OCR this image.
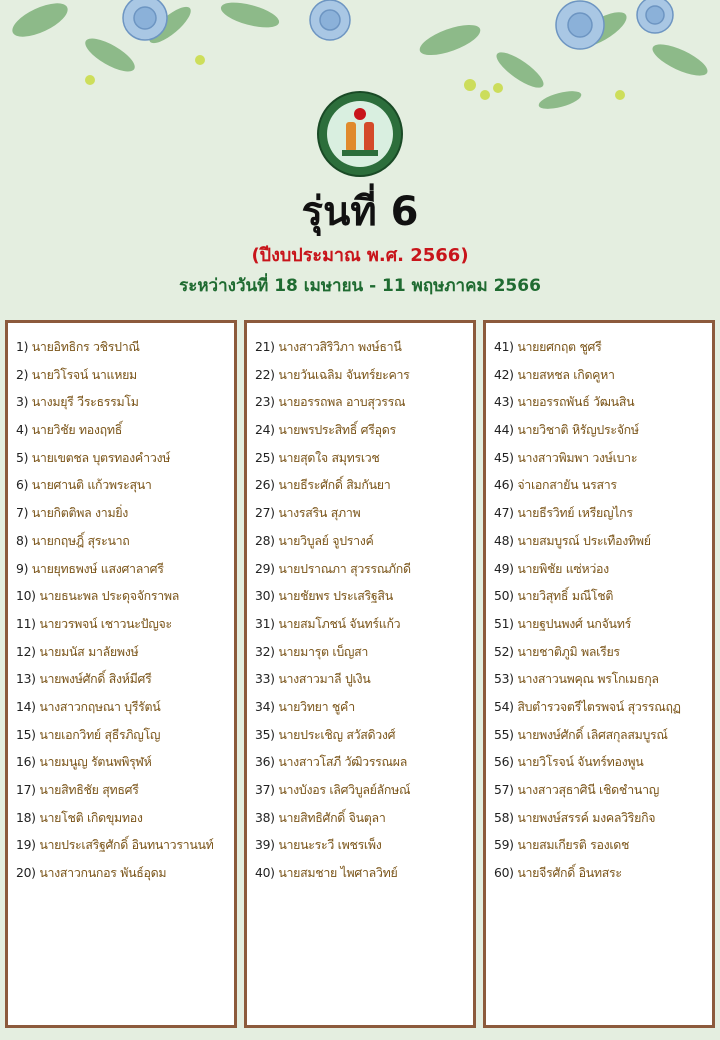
รุ่นที่ 6
(ปีงบประมาณ พ.ศ. 2566)
ระหว่างวันที่ 18 เมษายน - 11 พฤษภาคม 2566
1) นายอิทธิกร วชิรปาณี
2) นายวิโรจน์ นาแหยม
3) นางมยุรี วีระธรรมโม
4) นายวิชัย ทองฤทธิ์
5) นายเขตชล บุตรทองคำวงษ์
6) นายศานติ แก้วพระสุนา
7) นายกิตติพล งามยิ่ง
8) นายกฤษฎิ์ สุระนาถ
9) นายยุทธพงษ์ แสงศาลาศรี
10) นายธนะพล ประดุจจักราพล
11) นายวรพจน์ เชาวนะปัญจะ
12) นายมนัส มาลัยพงษ์
13) นายพงษ์ศักดิ์ สิงห์มีศรี
14) นางสาวกฤษณา บุรีรัตน์
15) นายเอกวิทย์ สุธีรภิญโญ
16) นายมนูญ รัตนพพิรุฬห์
17) นายสิทธิชัย สุทธศรี
18) นายโชติ เกิดขุมทอง
19) นายประเสริฐศักดิ์ อินทนาวรานนท์
20) นางสาวกนกอร พันธ์อุดม
21) นางสาวสิริวิภา พงษ์ธานี
22) นายวันเฉลิม จันทร์ยะคาร
23) นายอรรถพล อาบสุวรรณ
24) นายพรประสิทธิ์ ศรีอุดร
25) นายสุดใจ สมุทรเวช
26) นายธีระศักดิ์ สิมกันยา
27) นางรสริน สุภาพ
28) นายวิบูลย์ จูปรางค์
29) นายปราณภา สุวรรณภักดี
30) นายชัยพร ประเสริฐสิน
31) นายสมโภชน์ จันทร์แก้ว
32) นายมารุต เบ็ญสา
33) นางสาวมาลี ปูเงิน
34) นายวิทยา ชูคำ
35) นายประเชิญ สวัสดิวงศ์
36) นางสาวโสภี วัฒิวรรณผล
37) นางบังอร เลิศวิบูลย์ลักษณ์
38) นายสิทธิศักดิ์ จินตุลา
39) นายนะระวี เพชรเพ็ง
40) นายสมชาย ไพศาลวิทย์
41) นายยศกฤต ชูศรี
42) นายสหชล เกิดคูหา
43) นายอรรถพันธ์ วัฒนสิน
44) นายวิชาติ หิรัญประจักษ์
45) นางสาวพิมพา วงษ์เบาะ
46) จ่าเอกสายัน นรสาร
47) นายธีรวิทย์ เหรียญไกร
48) นายสมบูรณ์ ประเทืองทิพย์
49) นายพิชัย แซ่หว่อง
50) นายวิสุทธิ์ มณีโชติ
51) นายฐปนพงศ์ นกจันทร์
52) นายชาติภูมิ พลเรียร
53) นางสาวนพคุณ พรโกเมธกุล
54) สิบตำรวจตรีไตรพจน์ สุวรรณฤฏ
55) นายพงษ์ศักดิ์ เลิศสกุลสมบูรณ์
56) นายวิโรจน์ จันทร์ทองพูน
57) นางสาวสุธาศินี เชิดชำนาญ
58) นายพงษ์สรรค์ มงคลวิริยกิจ
59) นายสมเกียรติ รองเดช
60) นายจีรศักดิ์ อินทสระ
